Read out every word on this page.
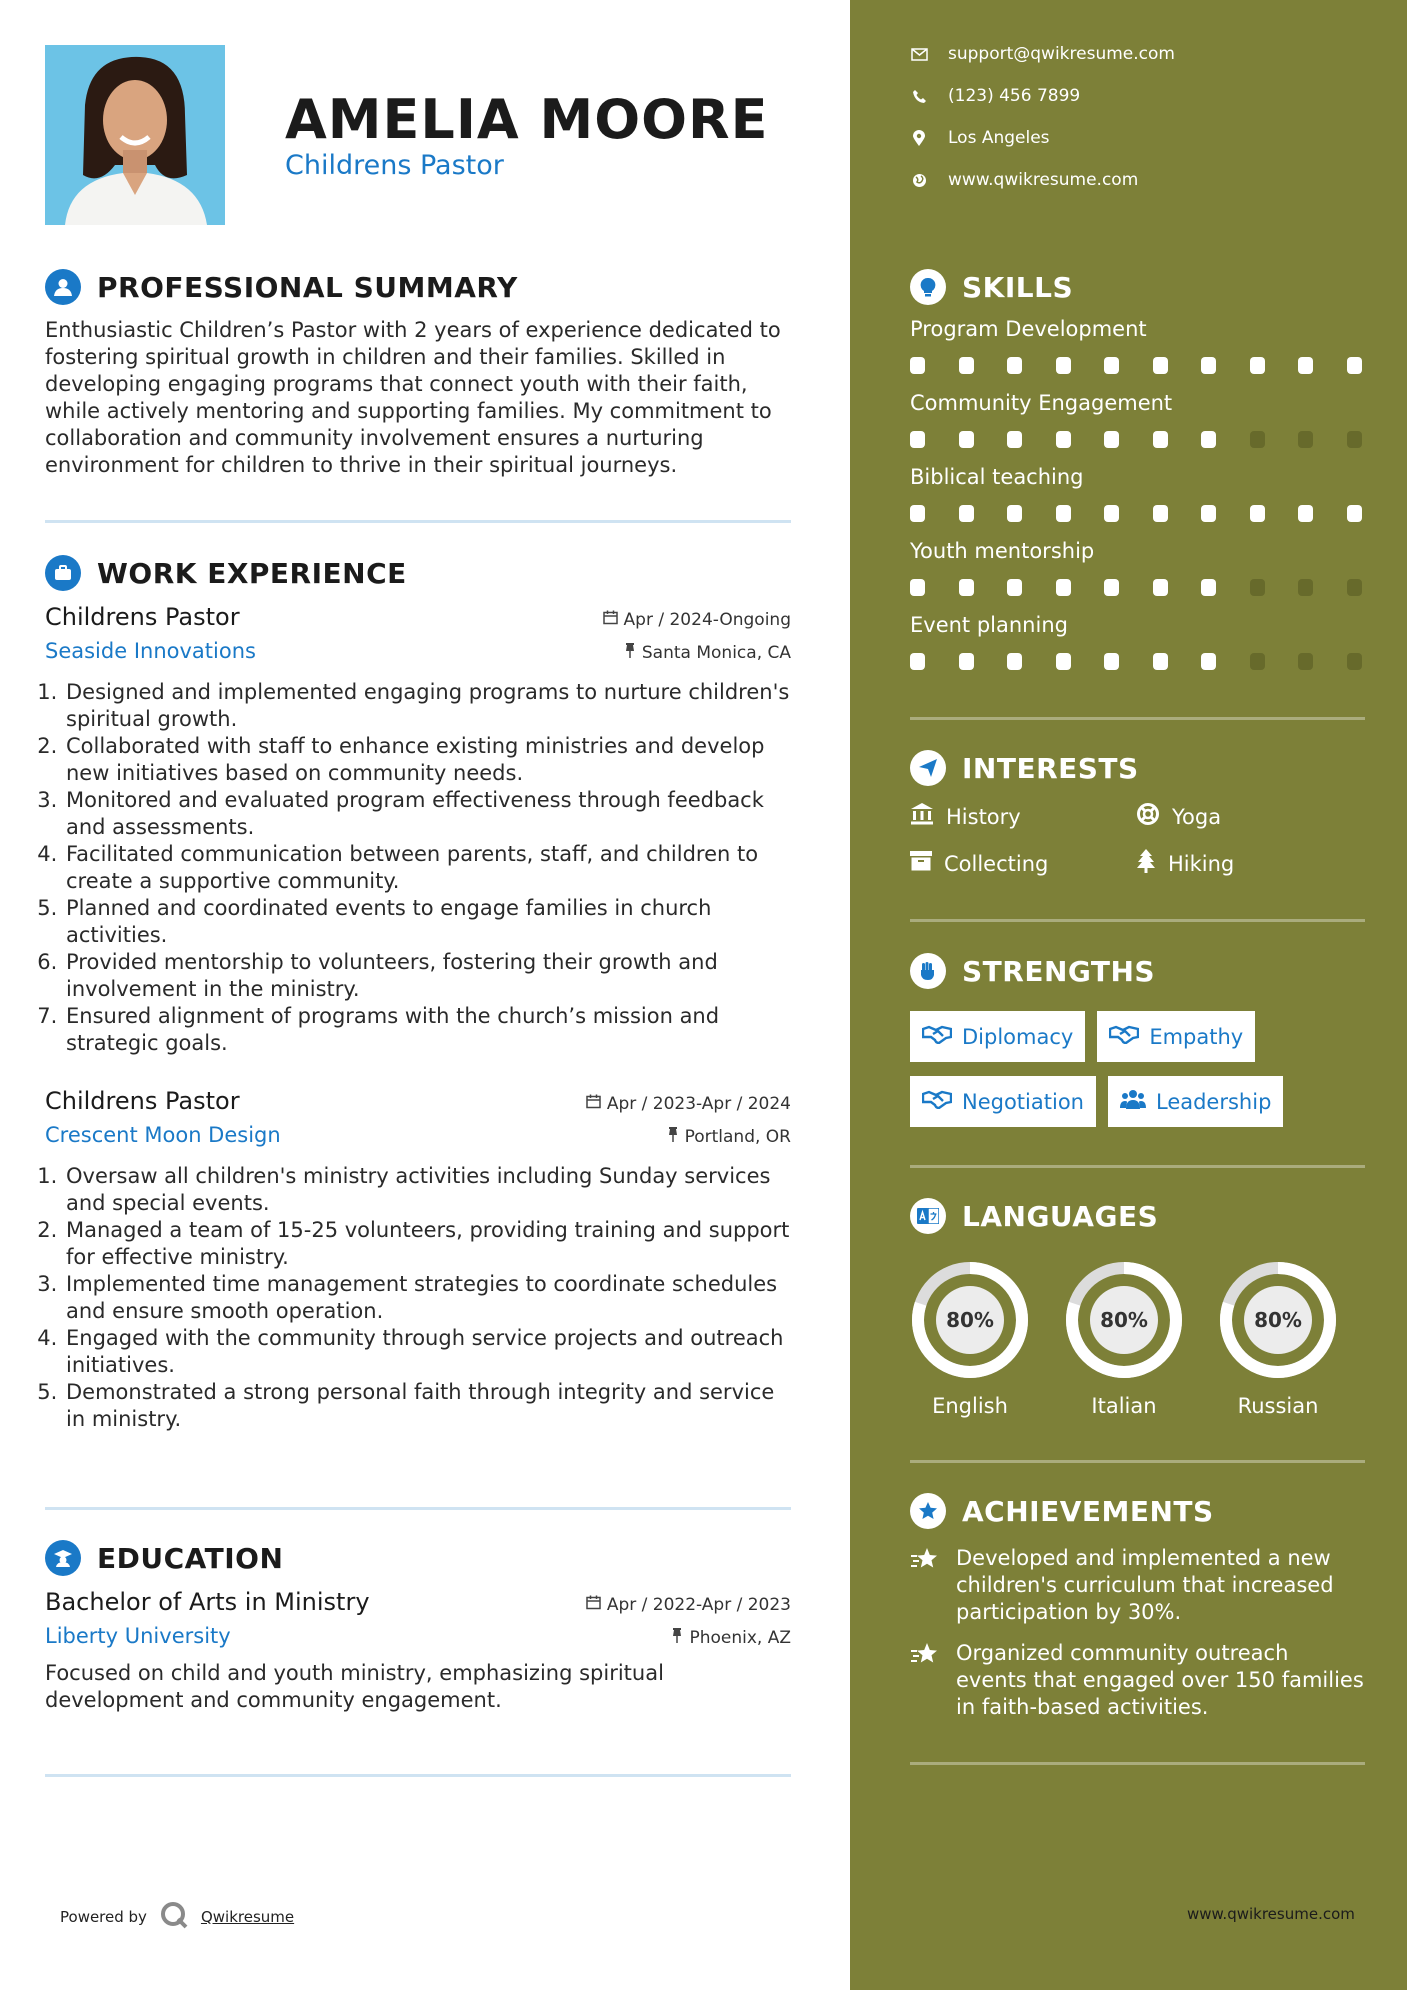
AMELIA MOORE
Childrens Pastor
PROFESSIONAL SUMMARY

Enthusiastic Children’s Pastor with 2 years of experience dedicated to fostering spiritual growth in children and their families. Skilled in developing engaging programs that connect youth with their faith, while actively mentoring and supporting families. My commitment to collaboration and community involvement ensures a nurturing environment for children to thrive in their spiritual journeys.

WORK EXPERIENCE
Childrens Pastor	Apr / 2024-Ongoing
Seaside Innovations	Santa Monica, CA
1. Designed and implemented engaging programs to nurture children's spiritual growth.
2. Collaborated with staff to enhance existing ministries and develop new initiatives based on community needs.
3. Monitored and evaluated program effectiveness through feedback and assessments.
4. Facilitated communication between parents, staff, and children to create a supportive community.
5. Planned and coordinated events to engage families in church activities.
6. Provided mentorship to volunteers, fostering their growth and involvement in the ministry.
7. Ensured alignment of programs with the church’s mission and strategic goals.
Childrens Pastor	Apr / 2023-Apr / 2024
Crescent Moon Design	Portland, OR
1. Oversaw all children's ministry activities including Sunday services and special events.
2. Managed a team of 15-25 volunteers, providing training and support for effective ministry.
3. Implemented time management strategies to coordinate schedules and ensure smooth operation.
4. Engaged with the community through service projects and outreach initiatives.
5. Demonstrated a strong personal faith through integrity and service in ministry.
EDUCATION
Bachelor of Arts in Ministry	Apr / 2022-Apr / 2023
Liberty University	Phoenix, AZ

Focused on child and youth ministry, emphasizing spiritual development and community engagement.

Powered by	Qwikresume
support@qwikresume.com
(123) 456 7899
Los Angeles
www.qwikresume.com
SKILLS
Program Development
Community Engagement
Biblical teaching
Youth mentorship
Event planning
INTERESTS
History	Yoga
Collecting	Hiking
STRENGTHS
Diplomacy	Empathy
Negotiation	Leadership
LANGUAGES
80%
English
80%
Italian
80%
Russian
ACHIEVEMENTS
Developed and implemented a new children's curriculum that increased participation by 30%.
Organized community outreach events that engaged over 150 families in faith-based activities.
www.qwikresume.com
